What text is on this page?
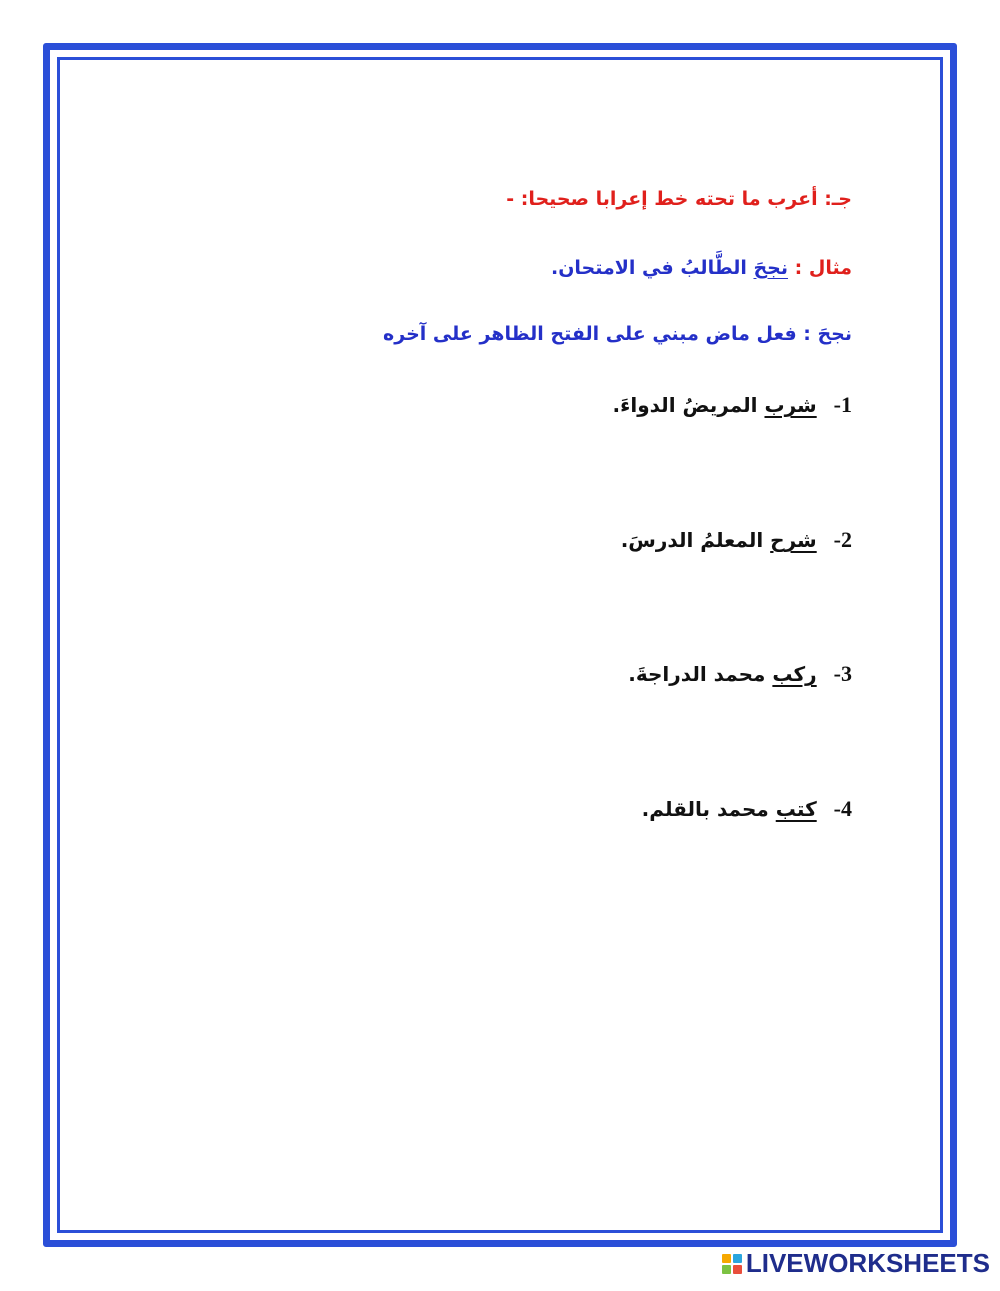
جـ: أعرب ما تحته خط إعرابا صحيحا: -
مثال : نجحَ الطَّالبُ في الامتحان.
نجحَ : فعل ماض مبني على الفتح الظاهر على آخره
1- شرب المريضُ الدواءَ.
2- شرح المعلمُ الدرسَ.
3- ركب محمد الدراجةَ.
4- كتب محمد بالقلم.
LIVEWORKSHEETS
